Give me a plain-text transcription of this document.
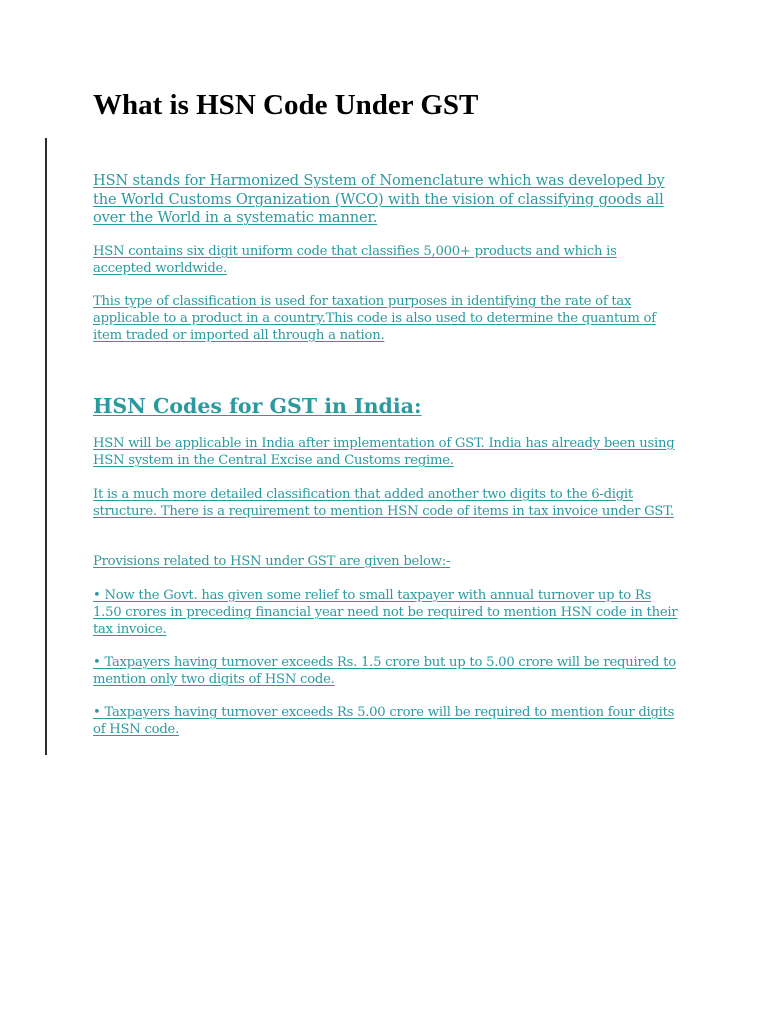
What is HSN Code Under GST

HSN stands for Harmonized System of Nomenclature which was developed by the World Customs Organization (WCO) with the vision of classifying goods all over the World in a systematic manner.

HSN contains six digit uniform code that classifies 5,000+ products and which is accepted worldwide.

This type of classification is used for taxation purposes in identifying the rate of tax applicable to a product in a country.This code is also used to determine the quantum of item traded or imported all through a nation.

HSN Codes for GST in India:

HSN will be applicable in India after implementation of GST. India has already been using HSN system in the Central Excise and Customs regime.

It is a much more detailed classification that added another two digits to the 6-digit structure. There is a requirement to mention HSN code of items in tax invoice under GST.

Provisions related to HSN under GST are given below:-

• Now the Govt. has given some relief to small taxpayer with annual turnover up to Rs 1.50 crores in preceding financial year need not be required to mention HSN code in their tax invoice.

• Taxpayers having turnover exceeds Rs. 1.5 crore but up to 5.00 crore will be required to mention only two digits of HSN code.

• Taxpayers having turnover exceeds Rs 5.00 crore will be required to mention four digits of HSN code.
